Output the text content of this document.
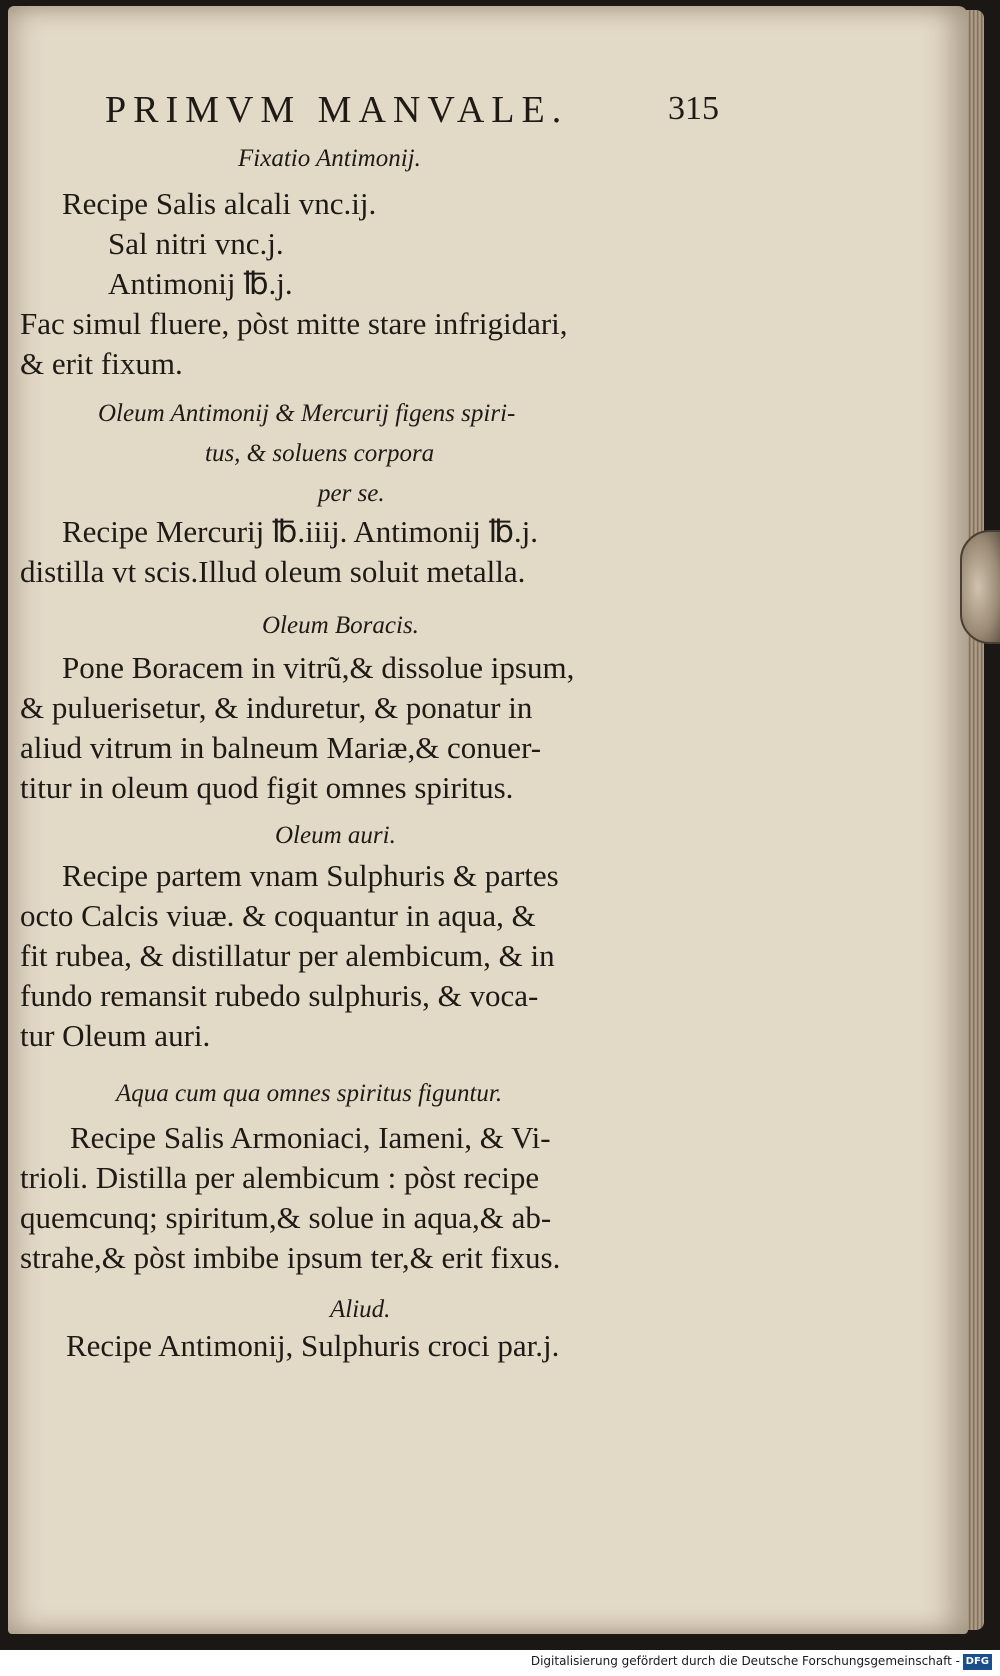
PRIMVM MANVALE.	315
Fixatio Antimonij.
Recipe Salis alcali vnc.ij.
Sal nitri vnc.j.
Antimonij ℔.j.
Fac simul fluere, pòst mitte stare infrigidari,
& erit fixum.
Oleum Antimonij & Mercurij figens spiri-
tus, & soluens corpora
per se.
Recipe Mercurij ℔.iiij. Antimonij ℔.j.
distilla vt scis.Illud oleum soluit metalla.
Oleum Boracis.
Pone Boracem in vitrũ,& dissolue ipsum,
& puluerisetur, & induretur, & ponatur in
aliud vitrum in balneum Mariæ,& conuer-
titur in oleum quod figit omnes spiritus.
Oleum auri.
Recipe partem vnam Sulphuris & partes
octo Calcis viuæ. & coquantur in aqua, &
fit rubea, & distillatur per alembicum, & in
fundo remansit rubedo sulphuris, & voca-
tur Oleum auri.
Aqua cum qua omnes spiritus figuntur.
Recipe Salis Armoniaci, Iameni, & Vi-
trioli. Distilla per alembicum : pòst recipe
quemcunq; spiritum,& solue in aqua,& ab-
strahe,& pòst imbibe ipsum ter,& erit fixus.
Aliud.
Recipe Antimonij, Sulphuris croci par.j.
Digitalisierung gefördert durch die Deutsche Forschungsgemeinschaft - DFG
